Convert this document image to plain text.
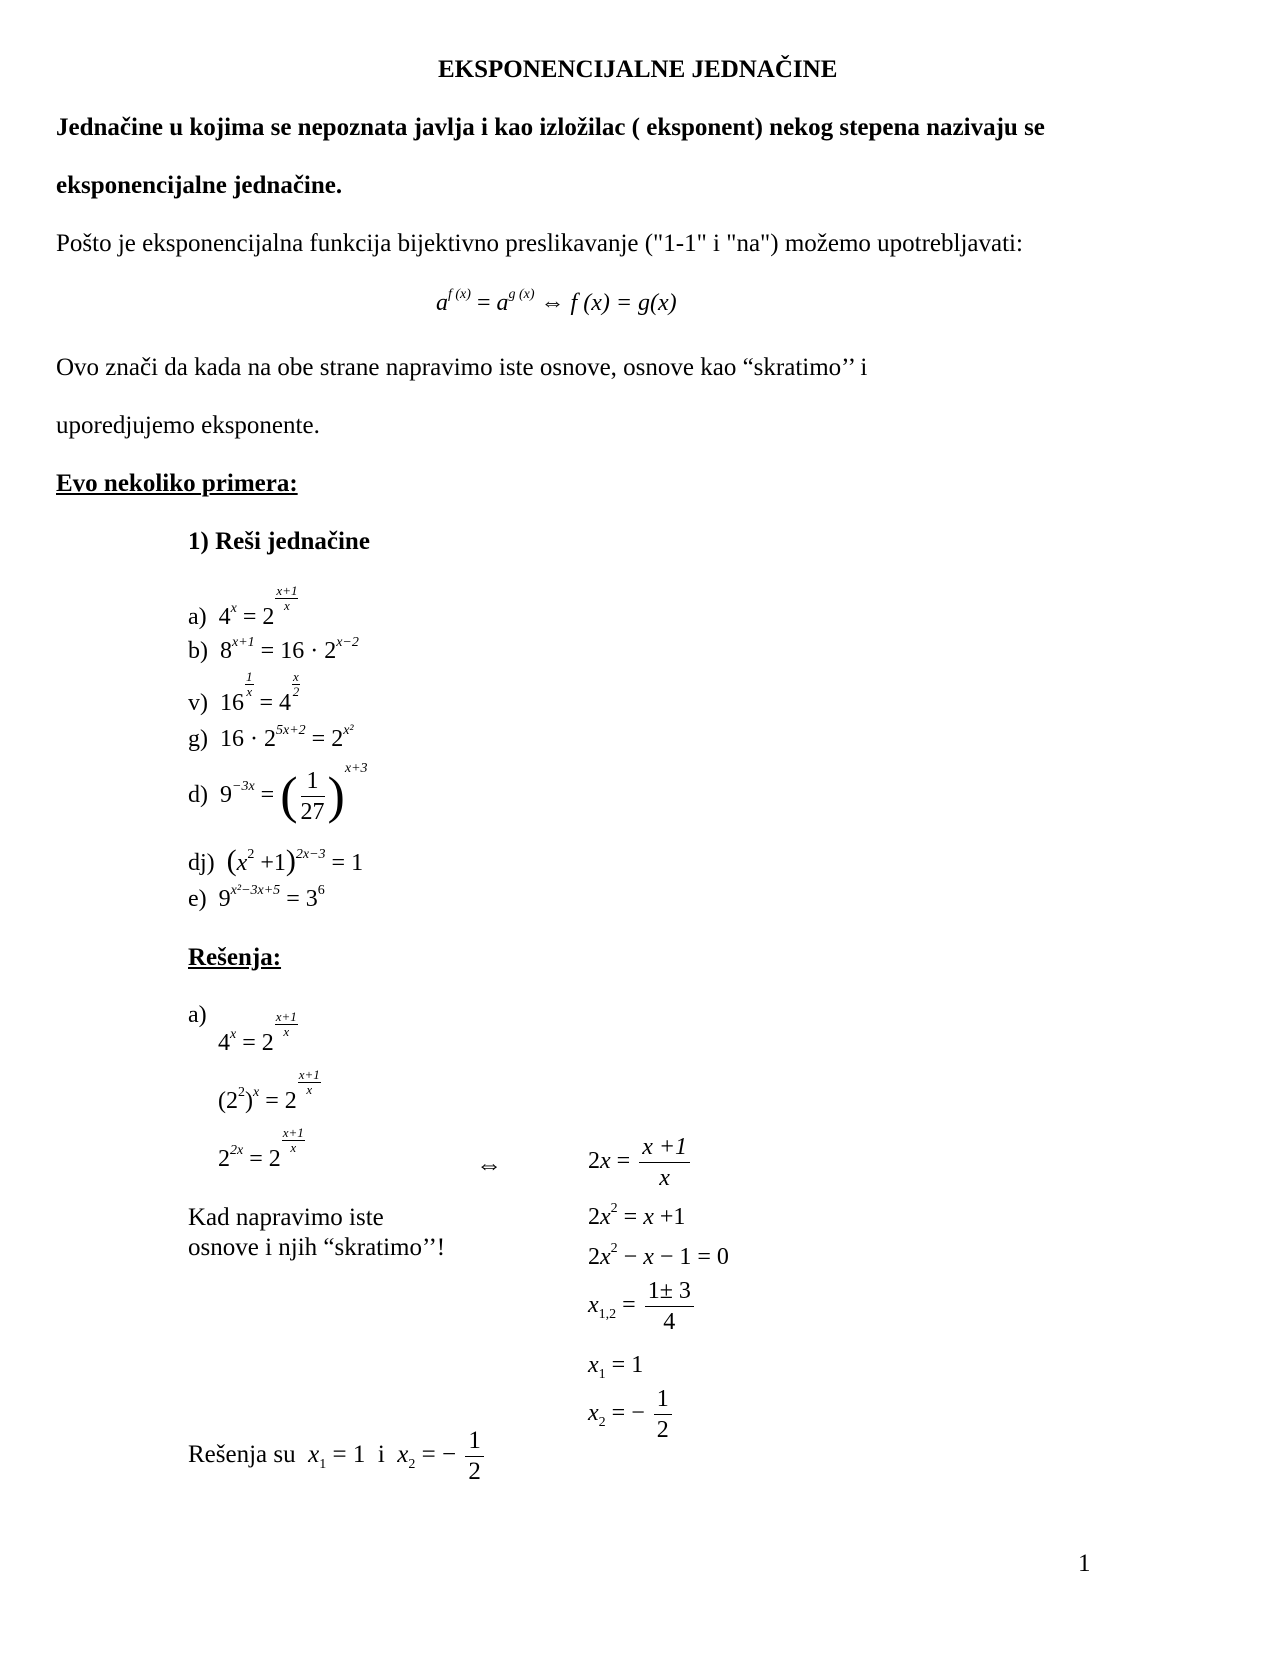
EKSPONENCIJALNE JEDNAČINE
Jednačine u kojima se nepoznata javlja i kao izložilac ( eksponent) nekog stepena nazivaju se
eksponencijalne jednačine.
Pošto je eksponencijalna funkcija bijektivno preslikavanje ("1-1" i "na") možemo upotrebljavati:
$a^{f (x)} = a^{g (x)}$ ⇔ f (x) = g(x)
Ovo znači da kada na obe strane napravimo iste osnove, osnove kao “skratimo’’ i
uporedjujemo eksponente.
Evo nekoliko primera:
1) Reši jednačine
a)  $4^x = 2$
$\frac{x+1}{x}$
b)  $8^{x+1} = 16 \cdot 2^{x-2}$
v)  16
$\frac{1}{x}$
= 4
$\frac{x}{2}$
g)  $16 \cdot 2^{5x+2} = 2^{x^2}$
d)  $9^{-3x}$ = ( $\frac{1}{27} )^{x+3}$
dj) $(x^2 +1)^{2x-3} = 1$
e)  $9^{x^2-3x+5} = 3^6$
Rešenja:
a)
$4^x = 2$
$\frac{x+1}{x}$
$(2^2)^x = 2$
$\frac{x+1}{x}$
$2^{2x} = 2$
$\frac{x+1}{x}$
⇔
Kad napravimo iste
osnove i njih “skratimo’’!
$2x = \frac{x +1}{x}$
$2x^2 = x +1$
$2x^2 - x - 1 = 0$
$x_{1,2} = \frac{1\pm 3}{4}$
$x_1 = 1$
$x_2$ = − $\frac{1}{2}$
Rešenja su $x_1 = 1$  i $x_2$ = − $\frac{1}{2}$
1
